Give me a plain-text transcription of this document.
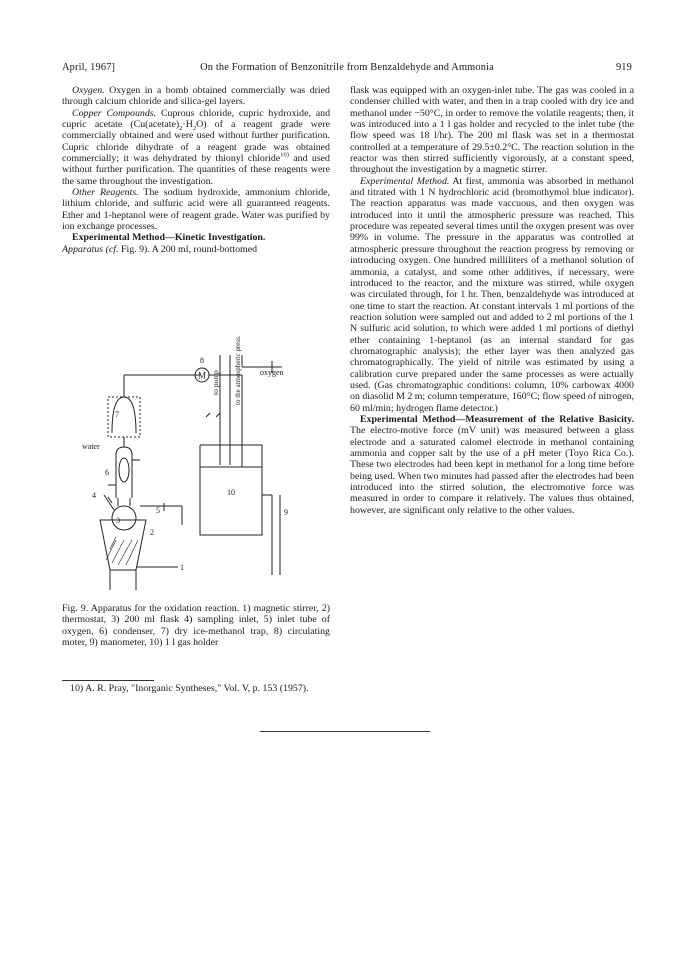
April, 1967]	On the Formation of Benzonitrile from Benzaldehyde and Ammonia	919

Oxygen. Oxygen in a bomb obtained commercially was dried through calcium chloride and silica-gel layers.

Copper Compounds. Cuprous chloride, cupric hydroxide, and cupric acetate $(Cu(acetate)_2\cdot H_2O)$ of a reagent grade were commercially obtained and were used without further purification. Cupric chloride dihydrate of a reagent grade was obtained commercially; it was dehydrated by thionyl chloride$^{10)}$ and used without further purification. The quantities of these reagents were the same throughout the investigation.

Other Reagents. The sodium hydroxide, ammonium chloride, lithium chloride, and sulfuric acid were all guaranteed reagents. Ether and 1-heptanol were of reagent grade. Water was purified by ion exchange processes.

Experimental Method—Kinetic Investigation.

Apparatus (cf. Fig. 9). A 200 ml, round-bottomed

M
8
7
6
water
4
5
3
2
1
10
9
oxygen
to pump to the atmospheric press.

Fig. 9. Apparatus for the oxidation reaction. 1) magnetic stirrer, 2) thermostat, 3) 200 ml flask 4) sampling inlet, 5) inlet tube of oxygen, 6) condenser, 7) dry ice-methanol trap, 8) circulating moter, 9) manometer, 10) 1 l gas holder

10) A. R. Pray, "Inorganic Syntheses," Vol. V, p. 153 (1957).

flask was equipped with an oxygen-inlet tube. The gas was cooled in a condenser chilled with water, and then in a trap cooled with dry ice and methanol under −50°C, in order to remove the volatile reagents; then, it was introduced into a 1 l gas holder and recycled to the inlet tube (the flow speed was 18 l/hr). The 200 ml flask was set in a thermostat controlled at a temperature of 29.5±0.2°C. The reaction solution in the reactor was then stirred sufficiently vigorously, at a constant speed, throughout the investigation by a magnetic stirrer.

Experimental Method. At first, ammonia was absorbed in methanol and titrated with 1 N hydrochloric acid (bromothymol blue indicator). The reaction apparatus was made vaccuous, and then oxygen was introduced into it until the atmospheric pressure was reached. This procedure was repeated several times until the oxygen present was over 99% in volume. The pressure in the apparatus was controlled at atmospheric pressure throughout the reaction progress by removing or introducing oxygen. One hundred milliliters of a methanol solution of ammonia, a catalyst, and some other additives, if necessary, were introduced to the reactor, and the mixture was stirred, while oxygen was circulated through, for 1 hr. Then, benzaldehyde was introduced at one time to start the reaction. At constant intervals 1 ml portions of the reaction solution were sampled out and added to 2 ml portions of the 1 N sulfuric acid solution, to which were added 1 ml portions of diethyl ether containing 1-heptanol (as an internal standard for gas chromatographic analysis); the ether layer was then analyzed gas chromatographically. The yield of nitrile was estimated by using a calibration curve prepared under the same processes as were actually used. (Gas chromatographic conditions: column, 10% carbowax 4000 on diasolid M 2 m; column temperature, 160°C; flow speed of nitrogen, 60 ml/min; hydrogen flame detector.)

Experimental Method—Measurement of the Relative Basicity. The electro-motive force (mV unit) was measured between a glass electrode and a saturated calomel electrode in methanol containing ammonia and copper salt by the use of a pH meter (Toyo Rica Co.). These two electrodes had been kept in methanol for a long time before being used. When two minutes had passed after the electrodes had been introduced into the stirred solution, the electromotive force was measured in order to compare it relatively. The values thus obtained, however, are significant only relative to the other values.
